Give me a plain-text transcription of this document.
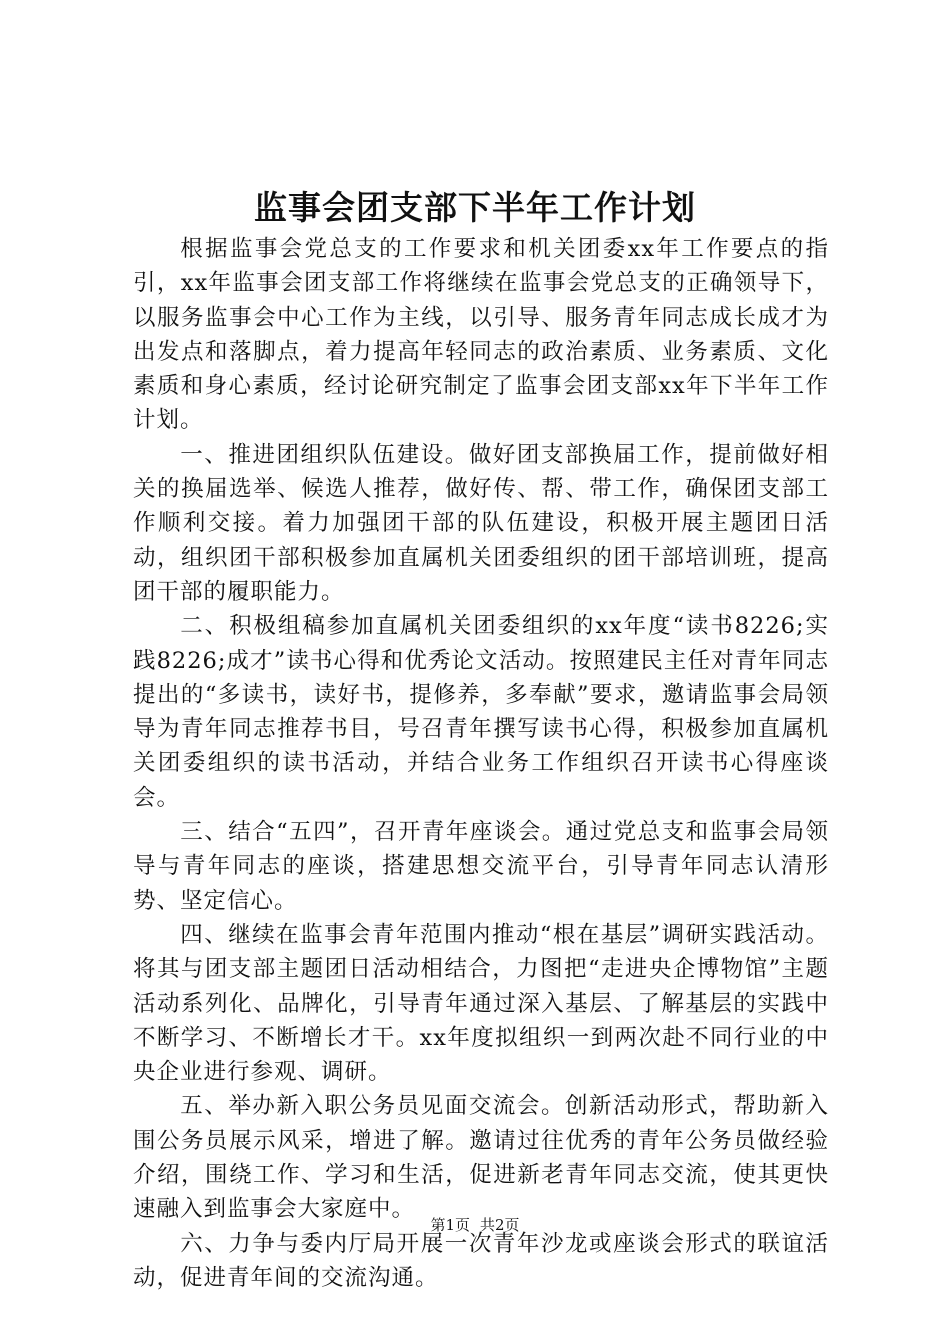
监事会团支部下半年工作计划

根据监事会党总支的工作要求和机关团委xx年工作要点的指引，xx年监事会团支部工作将继续在监事会党总支的正确领导下，以服务监事会中心工作为主线，以引导、服务青年同志成长成才为出发点和落脚点，着力提高年轻同志的政治素质、业务素质、文化素质和身心素质，经讨论研究制定了监事会团支部xx年下半年工作计划。

一、推进团组织队伍建设。做好团支部换届工作，提前做好相关的换届选举、候选人推荐，做好传、帮、带工作，确保团支部工作顺利交接。着力加强团干部的队伍建设，积极开展主题团日活动，组织团干部积极参加直属机关团委组织的团干部培训班，提高团干部的履职能力。

二、积极组稿参加直属机关团委组织的xx年度“读书8226;实践8226;成才”读书心得和优秀论文活动。按照建民主任对青年同志提出的“多读书，读好书，提修养，多奉献”要求，邀请监事会局领导为青年同志推荐书目，号召青年撰写读书心得，积极参加直属机关团委组织的读书活动，并结合业务工作组织召开读书心得座谈会。

三、结合“五四”，召开青年座谈会。通过党总支和监事会局领导与青年同志的座谈，搭建思想交流平台，引导青年同志认清形势、坚定信心。

四、继续在监事会青年范围内推动“根在基层”调研实践活动。将其与团支部主题团日活动相结合，力图把“走进央企博物馆”主题活动系列化、品牌化，引导青年通过深入基层、了解基层的实践中不断学习、不断增长才干。xx年度拟组织一到两次赴不同行业的中央企业进行参观、调研。

五、举办新入职公务员见面交流会。创新活动形式，帮助新入围公务员展示风采，增进了解。邀请过往优秀的青年公务员做经验介绍，围绕工作、学习和生活，促进新老青年同志交流，使其更快速融入到监事会大家庭中。

六、力争与委内厅局开展一次青年沙龙或座谈会形式的联谊活动，促进青年间的交流沟通。

第1页 共2页
